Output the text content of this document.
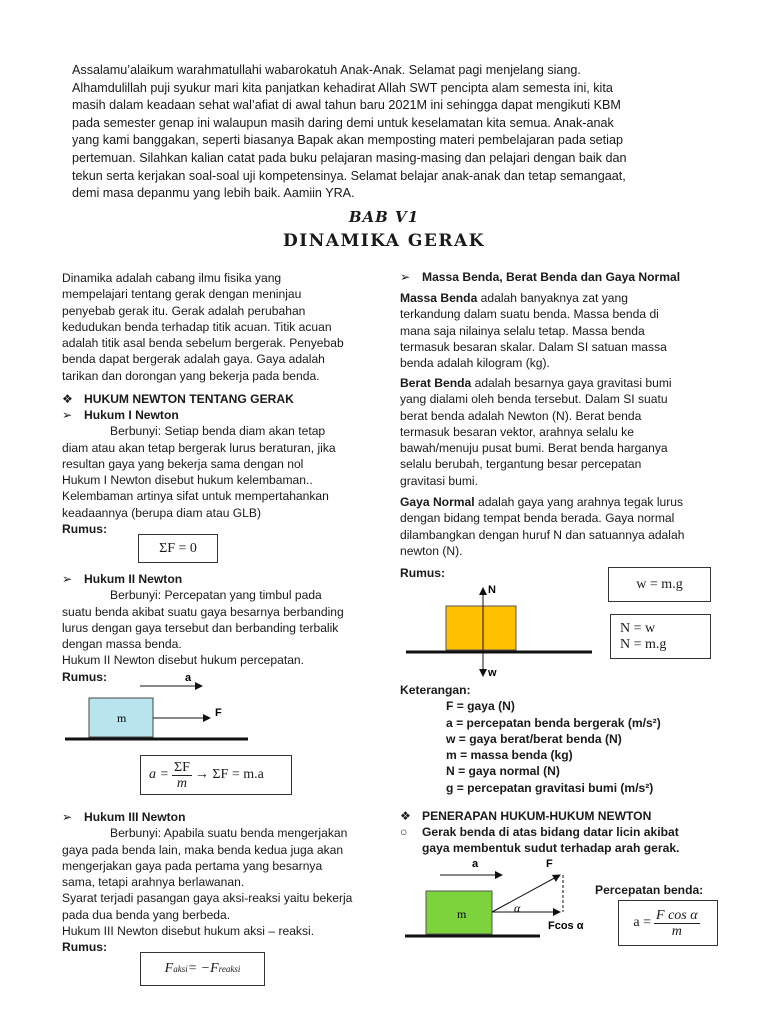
Assalamu’alaikum warahmatullahi wabarokatuh Anak-Anak. Selamat pagi menjelang siang.
Alhamdulillah puji syukur mari kita panjatkan kehadirat Allah SWT pencipta alam semesta ini, kita
masih dalam keadaan sehat wal’afiat di awal tahun baru 2021M ini sehingga dapat mengikuti KBM
pada semester genap ini walaupun masih daring demi untuk keselamatan kita semua. Anak-anak
yang kami banggakan, seperti biasanya Bapak akan memposting materi pembelajaran pada setiap
pertemuan. Silahkan kalian catat pada buku pelajaran masing-masing dan pelajari dengan baik dan
tekun serta kerjakan soal-soal uji kompetensinya. Selamat belajar anak-anak dan tetap semangaat,
demi masa depanmu yang lebih baik. Aamiin YRA.
BAB V1
DINAMIKA GERAK
Dinamika adalah cabang ilmu fisika yang
mempelajari tentang gerak dengan meninjau
penyebab gerak itu. Gerak adalah perubahan
kedudukan benda terhadap titik acuan. Titik acuan
adalah titik asal benda sebelum bergerak. Penyebab
benda dapat bergerak adalah gaya. Gaya adalah
tarikan dan dorongan yang bekerja pada benda.
❖ HUKUM NEWTON TENTANG GERAK
➢ Hukum I Newton
Berbunyi: Setiap benda diam akan tetap
diam atau akan tetap bergerak lurus beraturan, jika
resultan gaya yang bekerja sama dengan nol
Hukum I Newton disebut hukum kelembaman..
Kelembaman artinya sifat untuk mempertahankan
keadaannya (berupa diam atau GLB)
Rumus:
ΣF = 0
➢ Hukum II Newton
Berbunyi: Percepatan yang timbul pada
suatu benda akibat suatu gaya besarnya berbanding
lurus dengan gaya tersebut dan berbanding terbalik
dengan massa benda.
Hukum II Newton disebut hukum percepatan.
Rumus:	a
m	F
$a = \frac{\Sigma F}{m} \to \Sigma F = m.a$
➢ Hukum III Newton
Berbunyi: Apabila suatu benda mengerjakan
gaya pada benda lain, maka benda kedua juga akan
mengerjakan gaya pada pertama yang besarnya
sama, tetapi arahnya berlawanan.
Syarat terjadi pasangan gaya aksi-reaksi yaitu bekerja
pada dua benda yang berbeda.
Hukum III Newton disebut hukum aksi – reaksi.
Rumus:
F aksi = −F reaksi
➢ Massa Benda, Berat Benda dan Gaya Normal
Massa Benda adalah banyaknya zat yang
terkandung dalam suatu benda. Massa benda di
mana saja nilainya selalu tetap. Massa benda
termasuk besaran skalar. Dalam SI satuan massa
benda adalah kilogram (kg).
Berat Benda adalah besarnya gaya gravitasi bumi
yang dialami oleh benda tersebut. Dalam SI suatu
berat benda adalah Newton (N). Berat benda
termasuk besaran vektor, arahnya selalu ke
bawah/menuju pusat bumi. Berat benda harganya
selalu berubah, tergantung besar percepatan
gravitasi bumi.
Gaya Normal adalah gaya yang arahnya tegak lurus
dengan bidang tempat benda berada. Gaya normal
dilambangkan dengan huruf N dan satuannya adalah
newton (N).
Rumus:
N
w
w = m.g
N = w
N = m.g
Keterangan:
F = gaya (N)
a = percepatan benda bergerak (m/s²)
w = gaya berat/berat benda (N)
m = massa benda (kg)
N = gaya normal (N)
g = percepatan gravitasi bumi (m/s²)
❖ PENERAPAN HUKUM-HUKUM NEWTON
○ Gerak benda di atas bidang datar licin akibat
gaya membentuk sudut terhadap arah gerak.
a	F
m	α
Fcos α
Percepatan benda:
$a = \frac{\text{F cos α}}{m}$
